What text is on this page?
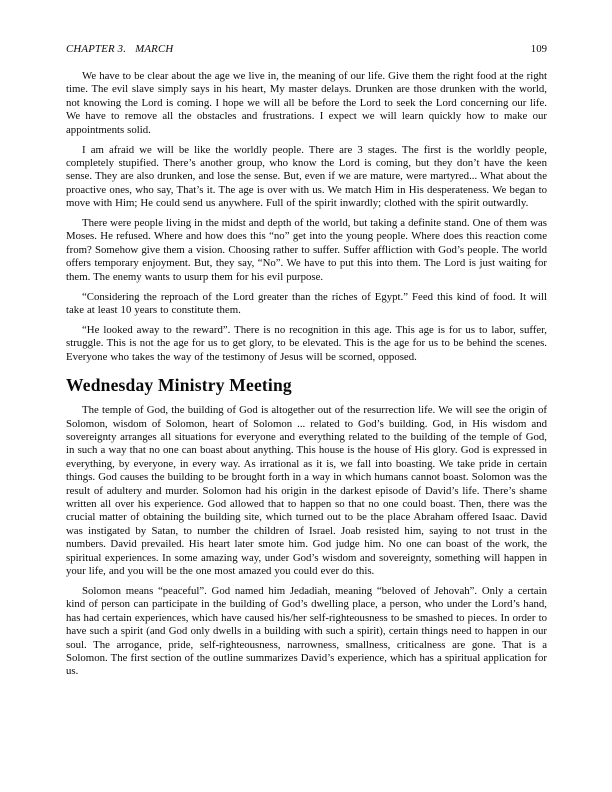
CHAPTER 3. MARCH	109

We have to be clear about the age we live in, the meaning of our life. Give them the right food at the right time. The evil slave simply says in his heart, My master delays. Drunken are those drunken with the world, not knowing the Lord is coming. I hope we will all be before the Lord to seek the Lord concerning our life. We have to remove all the obstacles and frustrations. I expect we will learn quickly how to make our appointments solid.

I am afraid we will be like the worldly people. There are 3 stages. The first is the worldly people, completely stupified. There’s another group, who know the Lord is coming, but they don’t have the keen sense. They are also drunken, and lose the sense. But, even if we are mature, were martyred... What about the proactive ones, who say, That’s it. The age is over with us. We match Him in His desperateness. We began to move with Him; He could send us anywhere. Full of the spirit inwardly; clothed with the spirit outwardly.

There were people living in the midst and depth of the world, but taking a definite stand. One of them was Moses. He refused. Where and how does this “no” get into the young people. Where does this reaction come from? Somehow give them a vision. Choosing rather to suffer. Suffer affliction with God’s people. The world offers temporary enjoyment. But, they say, “No”. We have to put this into them. The Lord is just waiting for them. The enemy wants to usurp them for his evil purpose.

“Considering the reproach of the Lord greater than the riches of Egypt.” Feed this kind of food. It will take at least 10 years to constitute them.

“He looked away to the reward”. There is no recognition in this age. This age is for us to labor, suffer, struggle. This is not the age for us to get glory, to be elevated. This is the age for us to be behind the scenes. Everyone who takes the way of the testimony of Jesus will be scorned, opposed.

Wednesday Ministry Meeting

The temple of God, the building of God is altogether out of the resurrection life. We will see the origin of Solomon, wisdom of Solomon, heart of Solomon ... related to God’s building. God, in His wisdom and sovereignty arranges all situations for everyone and everything related to the building of the temple of God, in such a way that no one can boast about anything. This house is the house of His glory. God is expressed in everything, by everyone, in every way. As irrational as it is, we fall into boasting. We take pride in certain things. God causes the building to be brought forth in a way in which humans cannot boast. Solomon was the result of adultery and murder. Solomon had his origin in the darkest episode of David’s life. There’s shame written all over his experience. God allowed that to happen so that no one could boast. Then, there was the crucial matter of obtaining the building site, which turned out to be the place Abraham offered Isaac. David was instigated by Satan, to number the children of Israel. Joab resisted him, saying to not trust in the numbers. David prevailed. His heart later smote him. God judge him. No one can boast of the work, the spiritual experiences. In some amazing way, under God’s wisdom and sovereignty, something will happen in your life, and you will be the one most amazed you could ever do this.

Solomon means “peaceful”. God named him Jedadiah, meaning “beloved of Jehovah”. Only a certain kind of person can participate in the building of God’s dwelling place, a person, who under the Lord’s hand, has had certain experiences, which have caused his/her self-righteousness to be smashed to pieces. In order to have such a spirit (and God only dwells in a building with such a spirit), certain things need to happen in our soul. The arrogance, pride, self-righteousness, narrowness, smallness, criticalness are gone. That is a Solomon. The first section of the outline summarizes David’s experience, which has a spiritual application for us.
